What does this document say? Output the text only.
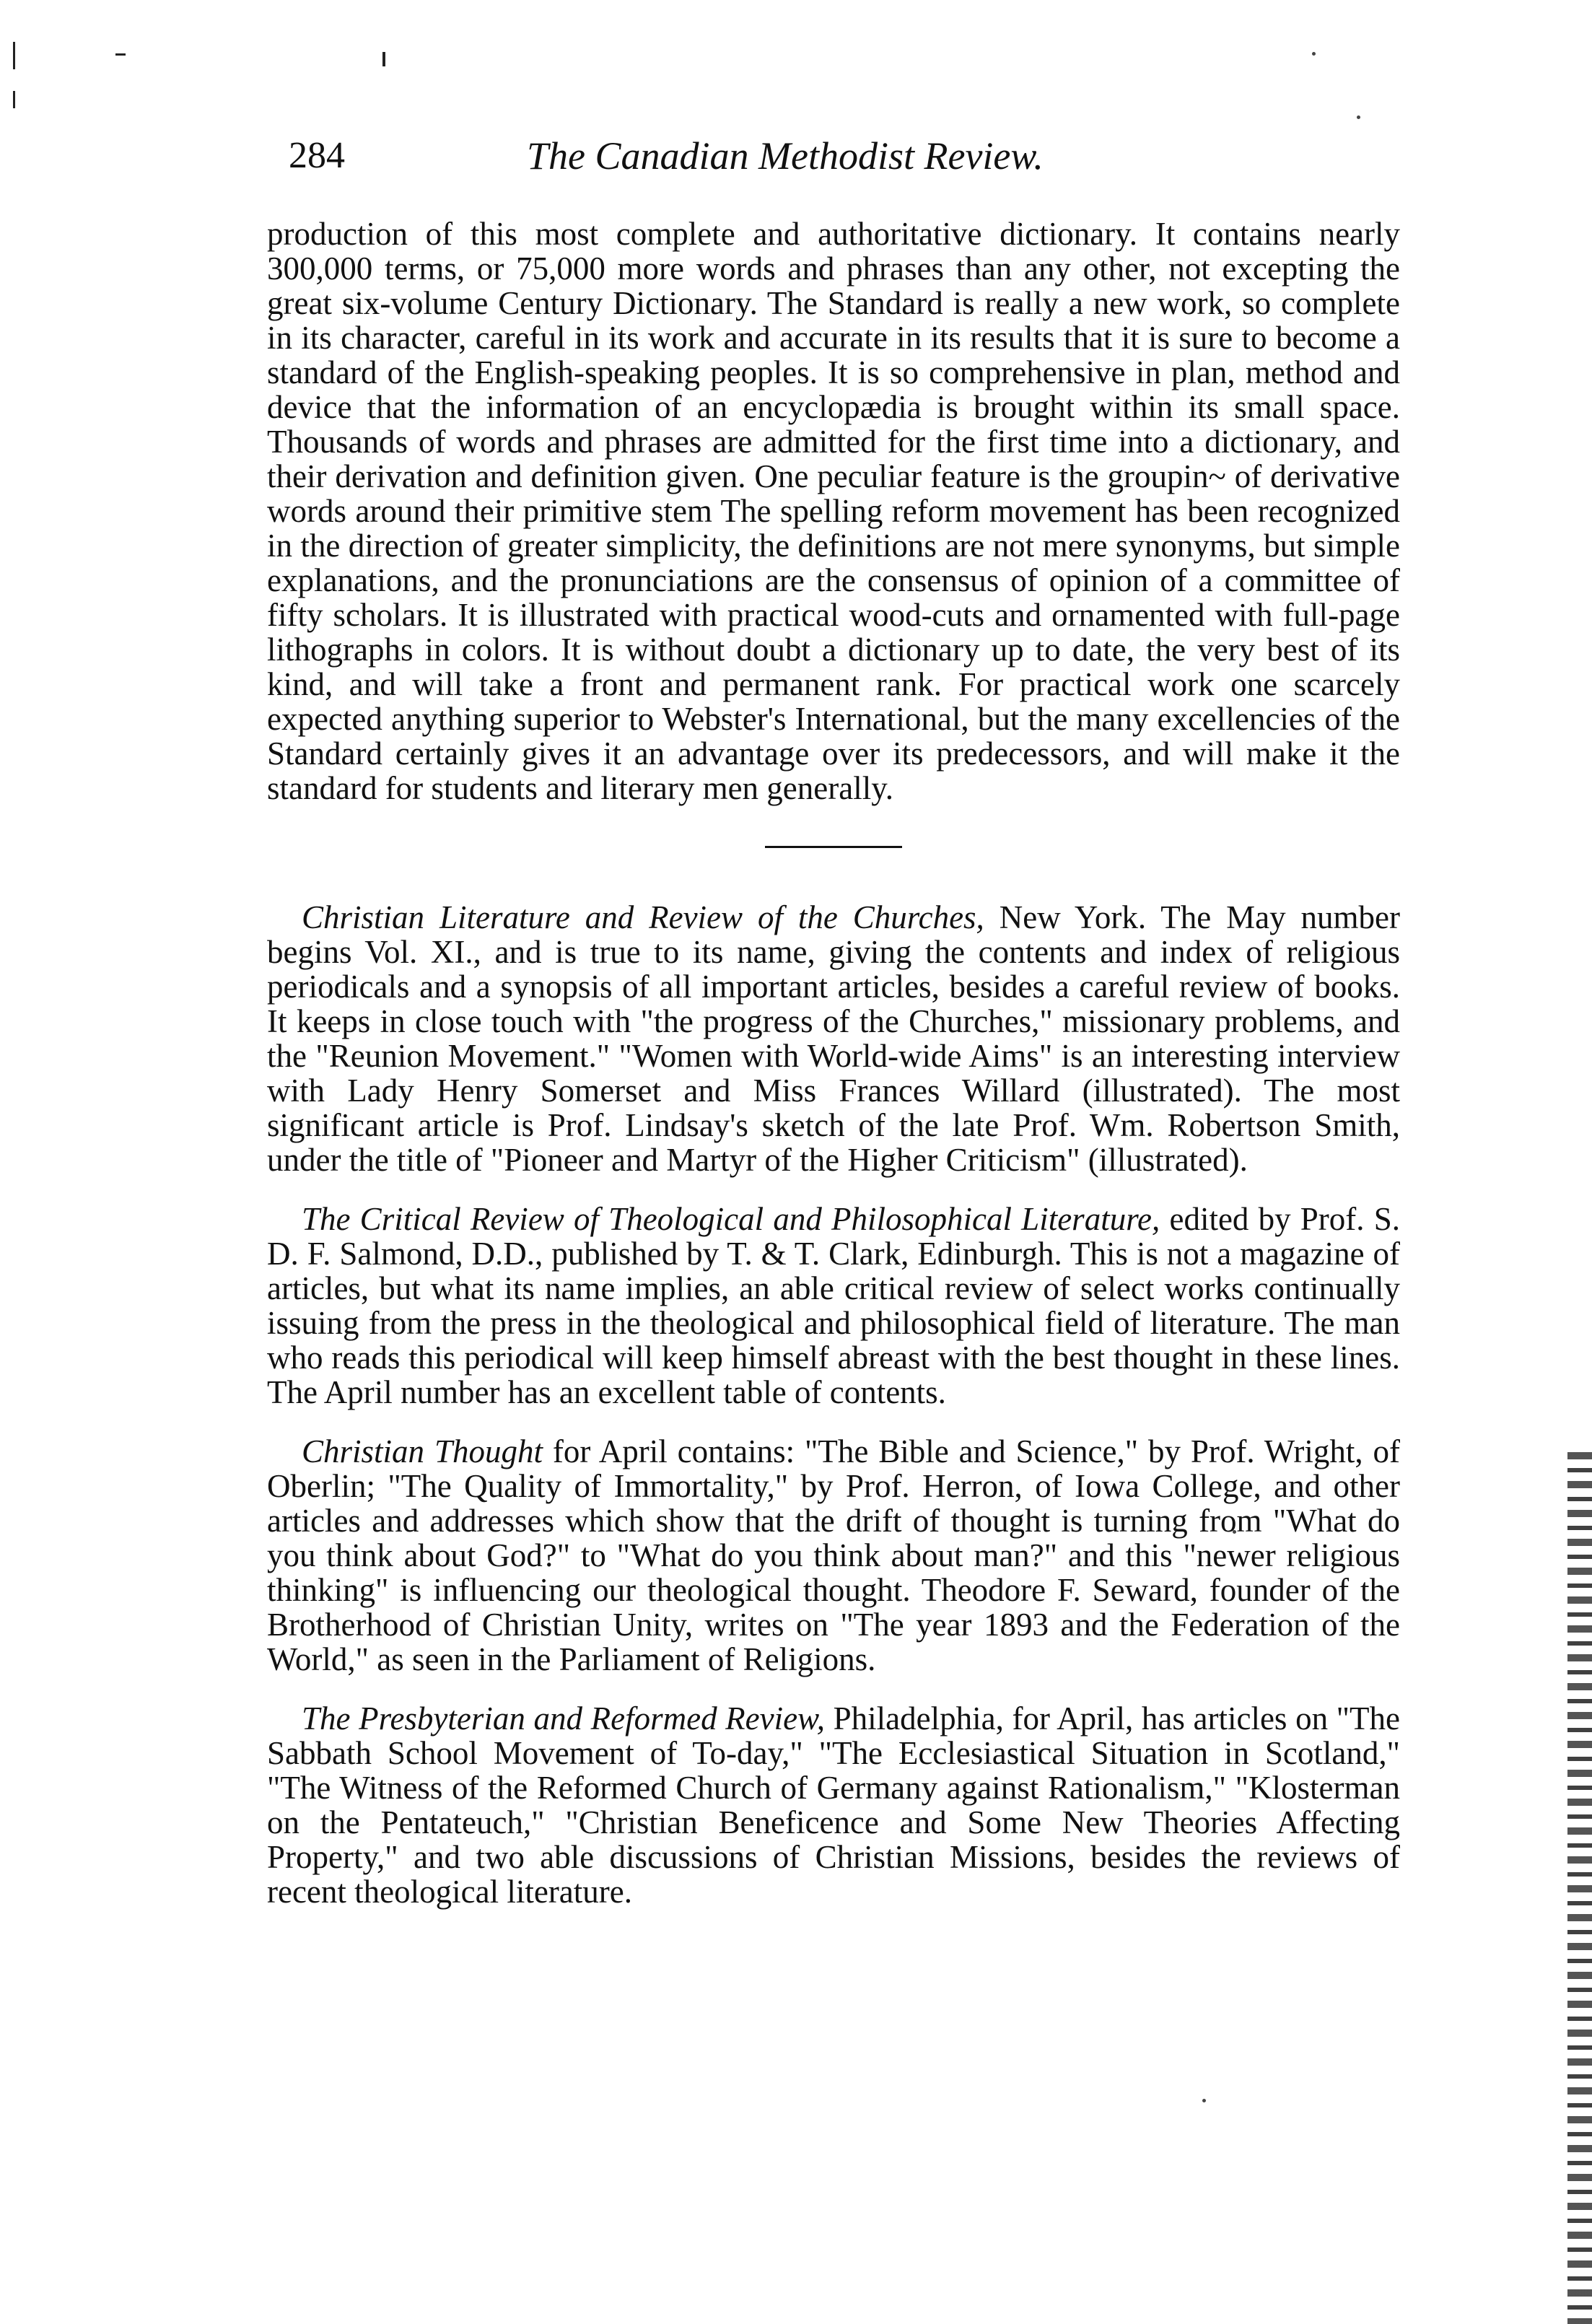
284	The Canadian Methodist Review.

production of this most complete and authoritative dictionary. It contains nearly 300,000 terms, or 75,000 more words and phrases than any other, not excepting the great six-volume Century Dictionary. The Standard is really a new work, so complete in its character, careful in its work and accurate in its results that it is sure to become a standard of the English-speaking peoples. It is so comprehensive in plan, method and device that the information of an encyclopædia is brought within its small space. Thousands of words and phrases are admitted for the first time into a dictionary, and their derivation and definition given. One peculiar feature is the groupin~ of derivative words around their primitive stem The spelling reform movement has been recognized in the direction of greater simplicity, the definitions are not mere synonyms, but simple explanations, and the pronunciations are the consensus of opinion of a committee of fifty scholars. It is illustrated with practical wood-cuts and ornamented with full-page lithographs in colors. It is without doubt a dictionary up to date, the very best of its kind, and will take a front and permanent rank. For practical work one scarcely expected anything superior to Webster's International, but the many excellencies of the Standard certainly gives it an advantage over its predecessors, and will make it the standard for students and literary men generally.

Christian Literature and Review of the Churches, New York. The May number begins Vol. XI., and is true to its name, giving the contents and index of religious periodicals and a synopsis of all important articles, besides a careful review of books. It keeps in close touch with "the progress of the Churches," missionary problems, and the "Reunion Movement." "Women with World-wide Aims" is an interesting interview with Lady Henry Somerset and Miss Frances Willard (illustrated). The most significant article is Prof. Lindsay's sketch of the late Prof. Wm. Robertson Smith, under the title of "Pioneer and Martyr of the Higher Criticism" (illustrated).

The Critical Review of Theological and Philosophical Literature, edited by Prof. S. D. F. Salmond, D.D., published by T. & T. Clark, Edinburgh. This is not a magazine of articles, but what its name implies, an able critical review of select works continually issuing from the press in the theological and philosophical field of literature. The man who reads this periodical will keep himself abreast with the best thought in these lines. The April number has an excellent table of contents.

Christian Thought for April contains: "The Bible and Science," by Prof. Wright, of Oberlin; "The Quality of Immortality," by Prof. Herron, of Iowa College, and other articles and addresses which show that the drift of thought is turning from "What do you think about God?" to "What do you think about man?" and this "newer religious thinking" is influencing our theological thought. Theodore F. Seward, founder of the Brotherhood of Christian Unity, writes on "The year 1893 and the Federation of the World," as seen in the Parliament of Religions.

The Presbyterian and Reformed Review, Philadelphia, for April, has articles on "The Sabbath School Movement of To-day," "The Ecclesiastical Situation in Scotland," "The Witness of the Reformed Church of Germany against Rationalism," "Klosterman on the Pentateuch," "Christian Beneficence and Some New Theories Affecting Property," and two able discussions of Christian Missions, besides the reviews of recent theological literature.
